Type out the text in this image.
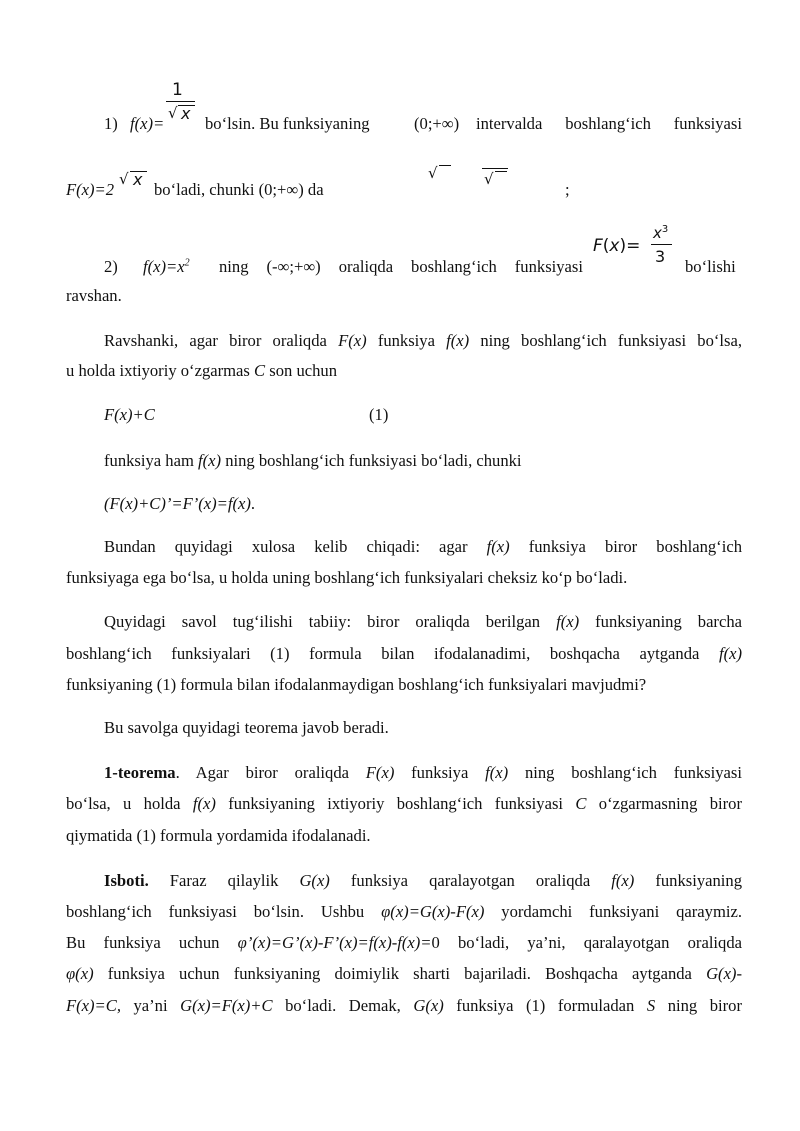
1
√ x
1) f(x)= bo‘lsin. Bu funksiyaning	(0;+∞) intervalda boshlang‘ich funksiyasi
F(x)=2
√ x
bo‘ladi, chunki (0;+∞) da
√	√
;
2) $f(x)=x^2$ ning (-∞;+∞) oraliqda boshlang‘ich funksiyasi
F(x)=
$x^3$
3
bo‘lishi
ravshan.
Ravshanki, agar biror oraliqda F(x) funksiya f(x) ning boshlang‘ich funksiyasi bo‘lsa,
u holda ixtiyoriy o‘zgarmas C son uchun
F(x)+C	(1)
funksiya ham f(x) ning boshlang‘ich funksiyasi bo‘ladi, chunki
(F(x)+C)’=F’(x)=f(x).
Bundan quyidagi xulosa kelib chiqadi: agar f(x) funksiya biror boshlang‘ich
funksiyaga ega bo‘lsa, u holda uning boshlang‘ich funksiyalari cheksiz ko‘p bo‘ladi.
Quyidagi savol tug‘ilishi tabiiy: biror oraliqda berilgan f(x) funksiyaning barcha
boshlang‘ich funksiyalari (1) formula bilan ifodalanadimi, boshqacha aytganda f(x)
funksiyaning (1) formula bilan ifodalanmaydigan boshlang‘ich funksiyalari mavjudmi?
Bu savolga quyidagi teorema javob beradi.
1-teorema. Agar biror oraliqda F(x) funksiya f(x) ning boshlang‘ich funksiyasi
bo‘lsa, u holda f(x) funksiyaning ixtiyoriy boshlang‘ich funksiyasi C o‘zgarmasning biror
qiymatida (1) formula yordamida ifodalanadi.
Isboti. Faraz qilaylik G(x) funksiya qaralayotgan oraliqda f(x) funksiyaning
boshlang‘ich funksiyasi bo‘lsin. Ushbu φ(x)=G(x)-F(x) yordamchi funksiyani qaraymiz.
Bu funksiya uchun φ’(x)=G’(x)-F’(x)=f(x)-f(x)=0 bo‘ladi, ya’ni, qaralayotgan oraliqda
φ(x) funksiya uchun funksiyaning doimiylik sharti bajariladi. Boshqacha aytganda G(x)-
F(x)=C, ya’ni G(x)=F(x)+C bo‘ladi. Demak, G(x) funksiya (1) formuladan S ning biror
